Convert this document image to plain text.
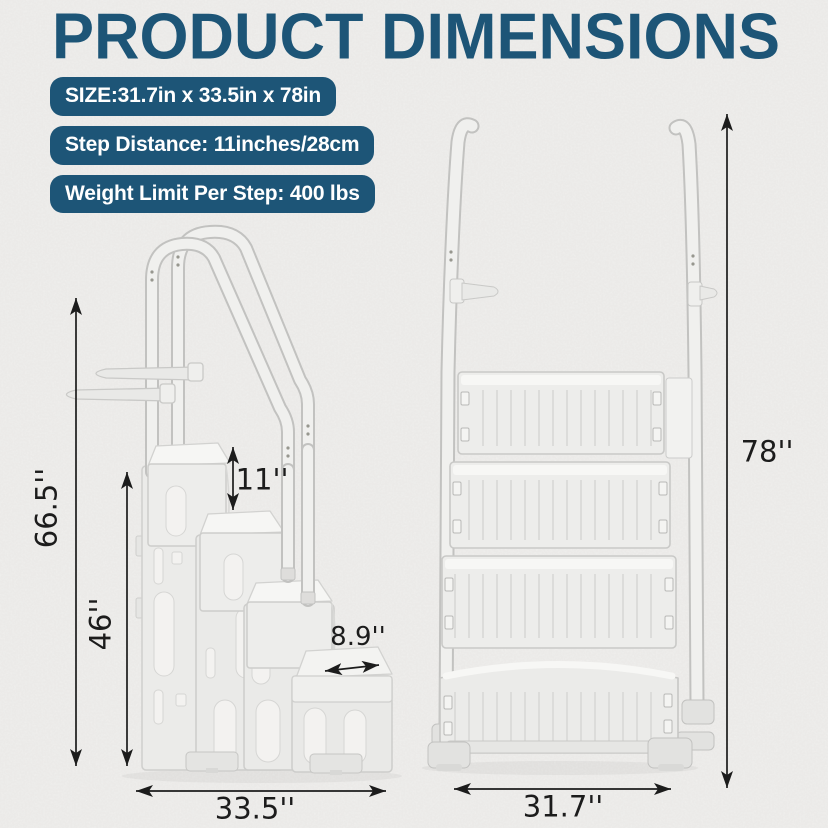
PRODUCT DIMENSIONS
SIZE:31.7in x 33.5in x 78in
Step Distance: 11inches/28cm
Weight Limit Per Step: 400 lbs
66.5''
46''
11''
8.9''
33.5''	31.7''
78''
